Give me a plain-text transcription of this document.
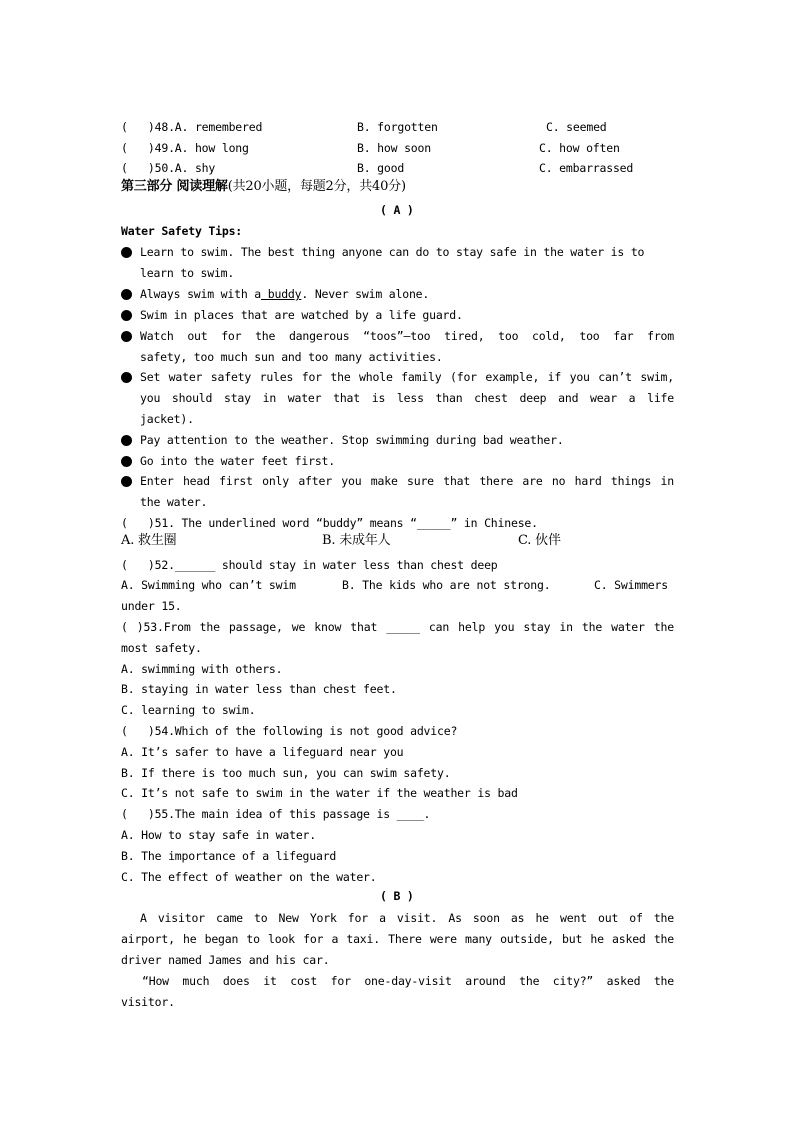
(   )48.A. remembered	B. forgotten	C. seemed
(   )49.A. how long	B. how soon	C. how often
(   )50.A. shy	B. good	C. embarrassed
第三部分 阅读理解(共20小题，每题2分，共40分)
( A )
Water Safety Tips:
Learn to swim. The best thing anyone can do to stay safe in the water is to
learn to swim.
Always swim with a buddy. Never swim alone.
Swim in places that are watched by a life guard.
Watch out for the dangerous “toos”—too tired, too cold, too far from
safety, too much sun and too many activities.
Set water safety rules for the whole family (for example, if you can’t swim,
you should stay in water that is less than chest deep and wear a life
jacket).
Pay attention to the weather. Stop swimming during bad weather.
Go into the water feet first.
Enter head first only after you make sure that there are no hard things in
the water.
(   )51. The underlined word “buddy” means “_____” in Chinese.
A. 救生圈	B. 未成年人	C. 伙伴
(   )52.______ should stay in water less than chest deep
A. Swimming who can’t swim	B. The kids who are not strong.	C. Swimmers
under 15.
( )53.From the passage, we know that _____ can help you stay in the water the
most safety.
A. swimming with others.
B. staying in water less than chest feet.
C. learning to swim.
(   )54.Which of the following is not good advice?
A. It’s safer to have a lifeguard near you
B. If there is too much sun, you can swim safety.
C. It’s not safe to swim in the water if the weather is bad
(   )55.The main idea of this passage is ____.
A. How to stay safe in water.
B. The importance of a lifeguard
C. The effect of weather on the water.
( B )
A visitor came to New York for a visit. As soon as he went out of the
airport, he began to look for a taxi. There were many outside, but he asked the
driver named James and his car.
“How much does it cost for one-day-visit around the city?” asked the
visitor.
